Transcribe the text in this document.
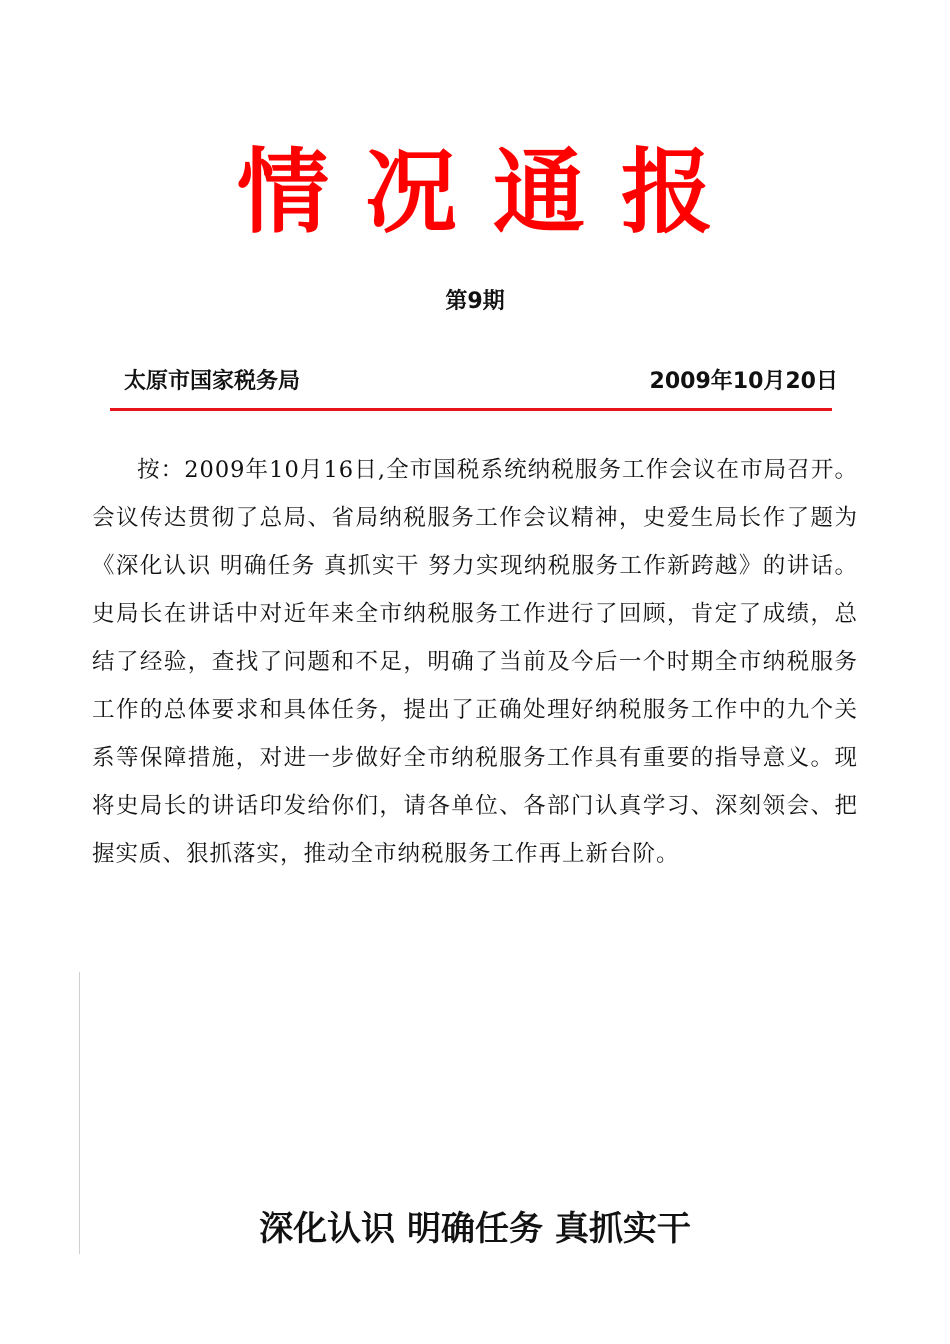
情况通报
第9期
太原市国家税务局	2009年10月20日

按：2009年10月16日,全市国税系统纳税服务工作会议在市局召开。会议传达贯彻了总局、省局纳税服务工作会议精神，史爱生局长作了题为《深化认识 明确任务 真抓实干 努力实现纳税服务工作新跨越》的讲话。史局长在讲话中对近年来全市纳税服务工作进行了回顾，肯定了成绩，总结了经验，查找了问题和不足，明确了当前及今后一个时期全市纳税服务工作的总体要求和具体任务，提出了正确处理好纳税服务工作中的九个关系等保障措施，对进一步做好全市纳税服务工作具有重要的指导意义。现将史局长的讲话印发给你们，请各单位、各部门认真学习、深刻领会、把握实质、狠抓落实，推动全市纳税服务工作再上新台阶。

深化认识 明确任务 真抓实干
